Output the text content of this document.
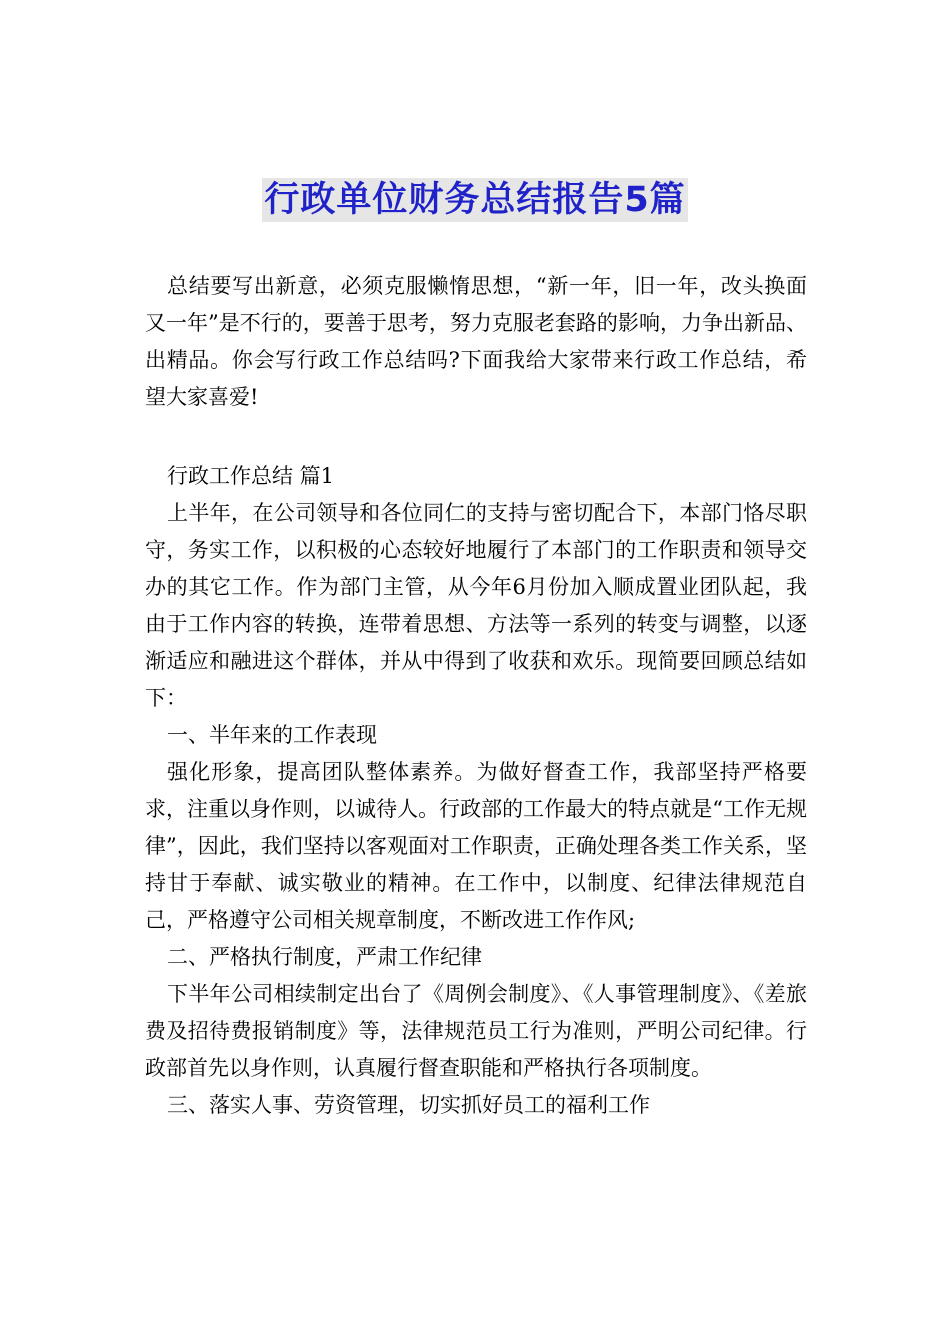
行政单位财务总结报告5篇

总结要写出新意，必须克服懒惰思想，“新一年，旧一年，改头换面又一年”是不行的，要善于思考，努力克服老套路的影响，力争出新品、出精品。你会写行政工作总结吗?下面我给大家带来行政工作总结，希望大家喜爱!

行政工作总结 篇1

上半年，在公司领导和各位同仁的支持与密切配合下，本部门恪尽职守，务实工作，以积极的心态较好地履行了本部门的工作职责和领导交办的其它工作。作为部门主管，从今年6月份加入顺成置业团队起，我由于工作内容的转换，连带着思想、方法等一系列的转变与调整，以逐渐适应和融进这个群体，并从中得到了收获和欢乐。现简要回顾总结如下：

一、半年来的工作表现

强化形象，提高团队整体素养。为做好督查工作，我部坚持严格要求，注重以身作则，以诚待人。行政部的工作最大的特点就是“工作无规律”，因此，我们坚持以客观面对工作职责，正确处理各类工作关系，坚持甘于奉献、诚实敬业的精神。在工作中，以制度、纪律法律规范自己，严格遵守公司相关规章制度，不断改进工作作风;

二、严格执行制度，严肃工作纪律

下半年公司相续制定出台了《周例会制度》、《人事管理制度》、《差旅费及招待费报销制度》等，法律规范员工行为准则，严明公司纪律。行政部首先以身作则，认真履行督查职能和严格执行各项制度。

三、落实人事、劳资管理，切实抓好员工的福利工作
